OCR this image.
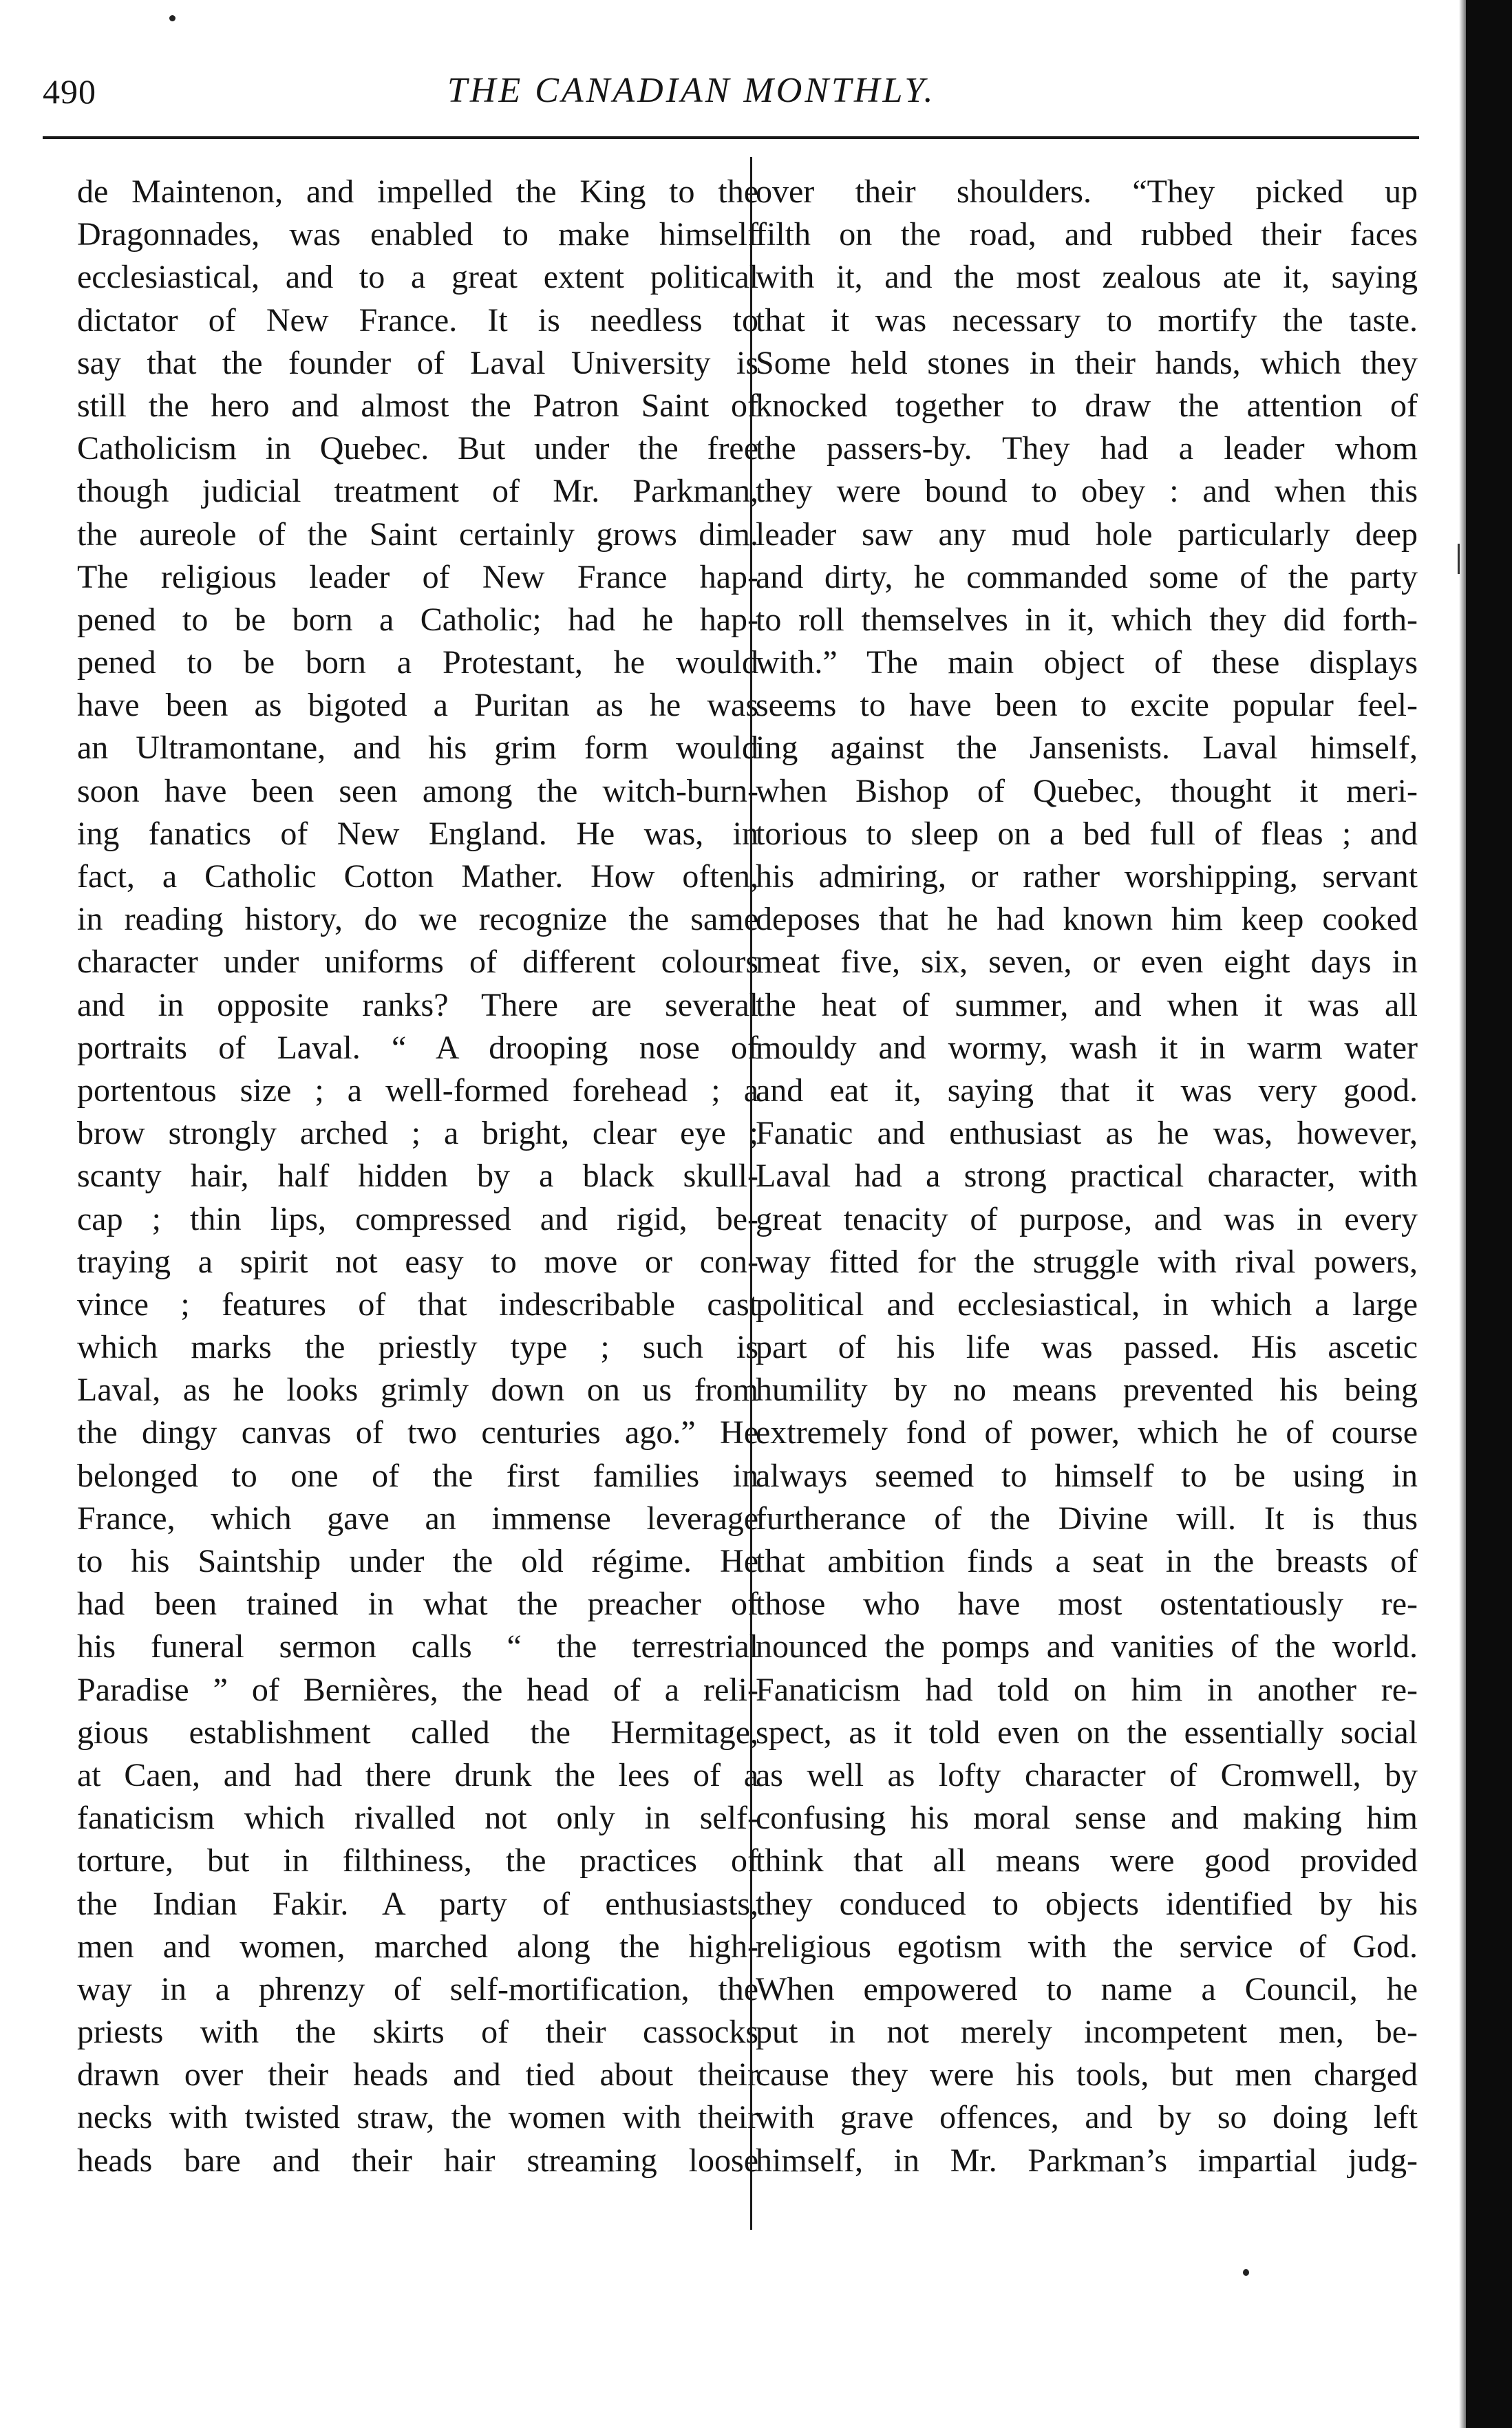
490	THE CANADIAN MONTHLY.

de Maintenon, and impelled the King to the
Dragonnades, was enabled to make himself
ecclesiastical, and to a great extent political
dictator of New France. It is needless to
say that the founder of Laval University is
still the hero and almost the Patron Saint of
Catholicism in Quebec. But under the free
though judicial treatment of Mr. Parkman,
the aureole of the Saint certainly grows dim.
The religious leader of New France hap-
pened to be born a Catholic; had he hap-
pened to be born a Protestant, he would
have been as bigoted a Puritan as he was
an Ultramontane, and his grim form would
soon have been seen among the witch-burn-
ing fanatics of New England. He was, in
fact, a Catholic Cotton Mather. How often,
in reading history, do we recognize the same
character under uniforms of different colours
and in opposite ranks? There are several
portraits of Laval. “ A drooping nose of
portentous size ; a well-formed forehead ; a
brow strongly arched ; a bright, clear eye ;
scanty hair, half hidden by a black skull-
cap ; thin lips, compressed and rigid, be-
traying a spirit not easy to move or con-
vince ; features of that indescribable cast
which marks the priestly type ; such is
Laval, as he looks grimly down on us from
the dingy canvas of two centuries ago.” He
belonged to one of the first families in
France, which gave an immense leverage
to his Saintship under the old régime. He
had been trained in what the preacher of
his funeral sermon calls “ the terrestrial
Paradise ” of Bernières, the head of a reli-
gious establishment called the Hermitage,
at Caen, and had there drunk the lees of a
fanaticism which rivalled not only in self-
torture, but in filthiness, the practices of
the Indian Fakir. A party of enthusiasts,
men and women, marched along the high-
way in a phrenzy of self-mortification, the
priests with the skirts of their cassocks
drawn over their heads and tied about their
necks with twisted straw, the women with their
heads bare and their hair streaming loose
over their shoulders. “They picked up
filth on the road, and rubbed their faces
with it, and the most zealous ate it, saying
that it was necessary to mortify the taste.
Some held stones in their hands, which they
knocked together to draw the attention of
the passers-by. They had a leader whom
they were bound to obey : and when this
leader saw any mud hole particularly deep
and dirty, he commanded some of the party
to roll themselves in it, which they did forth-
with.” The main object of these displays
seems to have been to excite popular feel-
ing against the Jansenists. Laval himself,
when Bishop of Quebec, thought it meri-
torious to sleep on a bed full of fleas ; and
his admiring, or rather worshipping, servant
deposes that he had known him keep cooked
meat five, six, seven, or even eight days in
the heat of summer, and when it was all
mouldy and wormy, wash it in warm water
and eat it, saying that it was very good.
Fanatic and enthusiast as he was, however,
Laval had a strong practical character, with
great tenacity of purpose, and was in every
way fitted for the struggle with rival powers,
political and ecclesiastical, in which a large
part of his life was passed. His ascetic
humility by no means prevented his being
extremely fond of power, which he of course
always seemed to himself to be using in
furtherance of the Divine will. It is thus
that ambition finds a seat in the breasts of
those who have most ostentatiously re-
nounced the pomps and vanities of the world.
Fanaticism had told on him in another re-
spect, as it told even on the essentially social
as well as lofty character of Cromwell, by
confusing his moral sense and making him
think that all means were good provided
they conduced to objects identified by his
religious egotism with the service of God.
When empowered to name a Council, he
put in not merely incompetent men, be-
cause they were his tools, but men charged
with grave offences, and by so doing left
himself, in Mr. Parkman’s impartial judg-
